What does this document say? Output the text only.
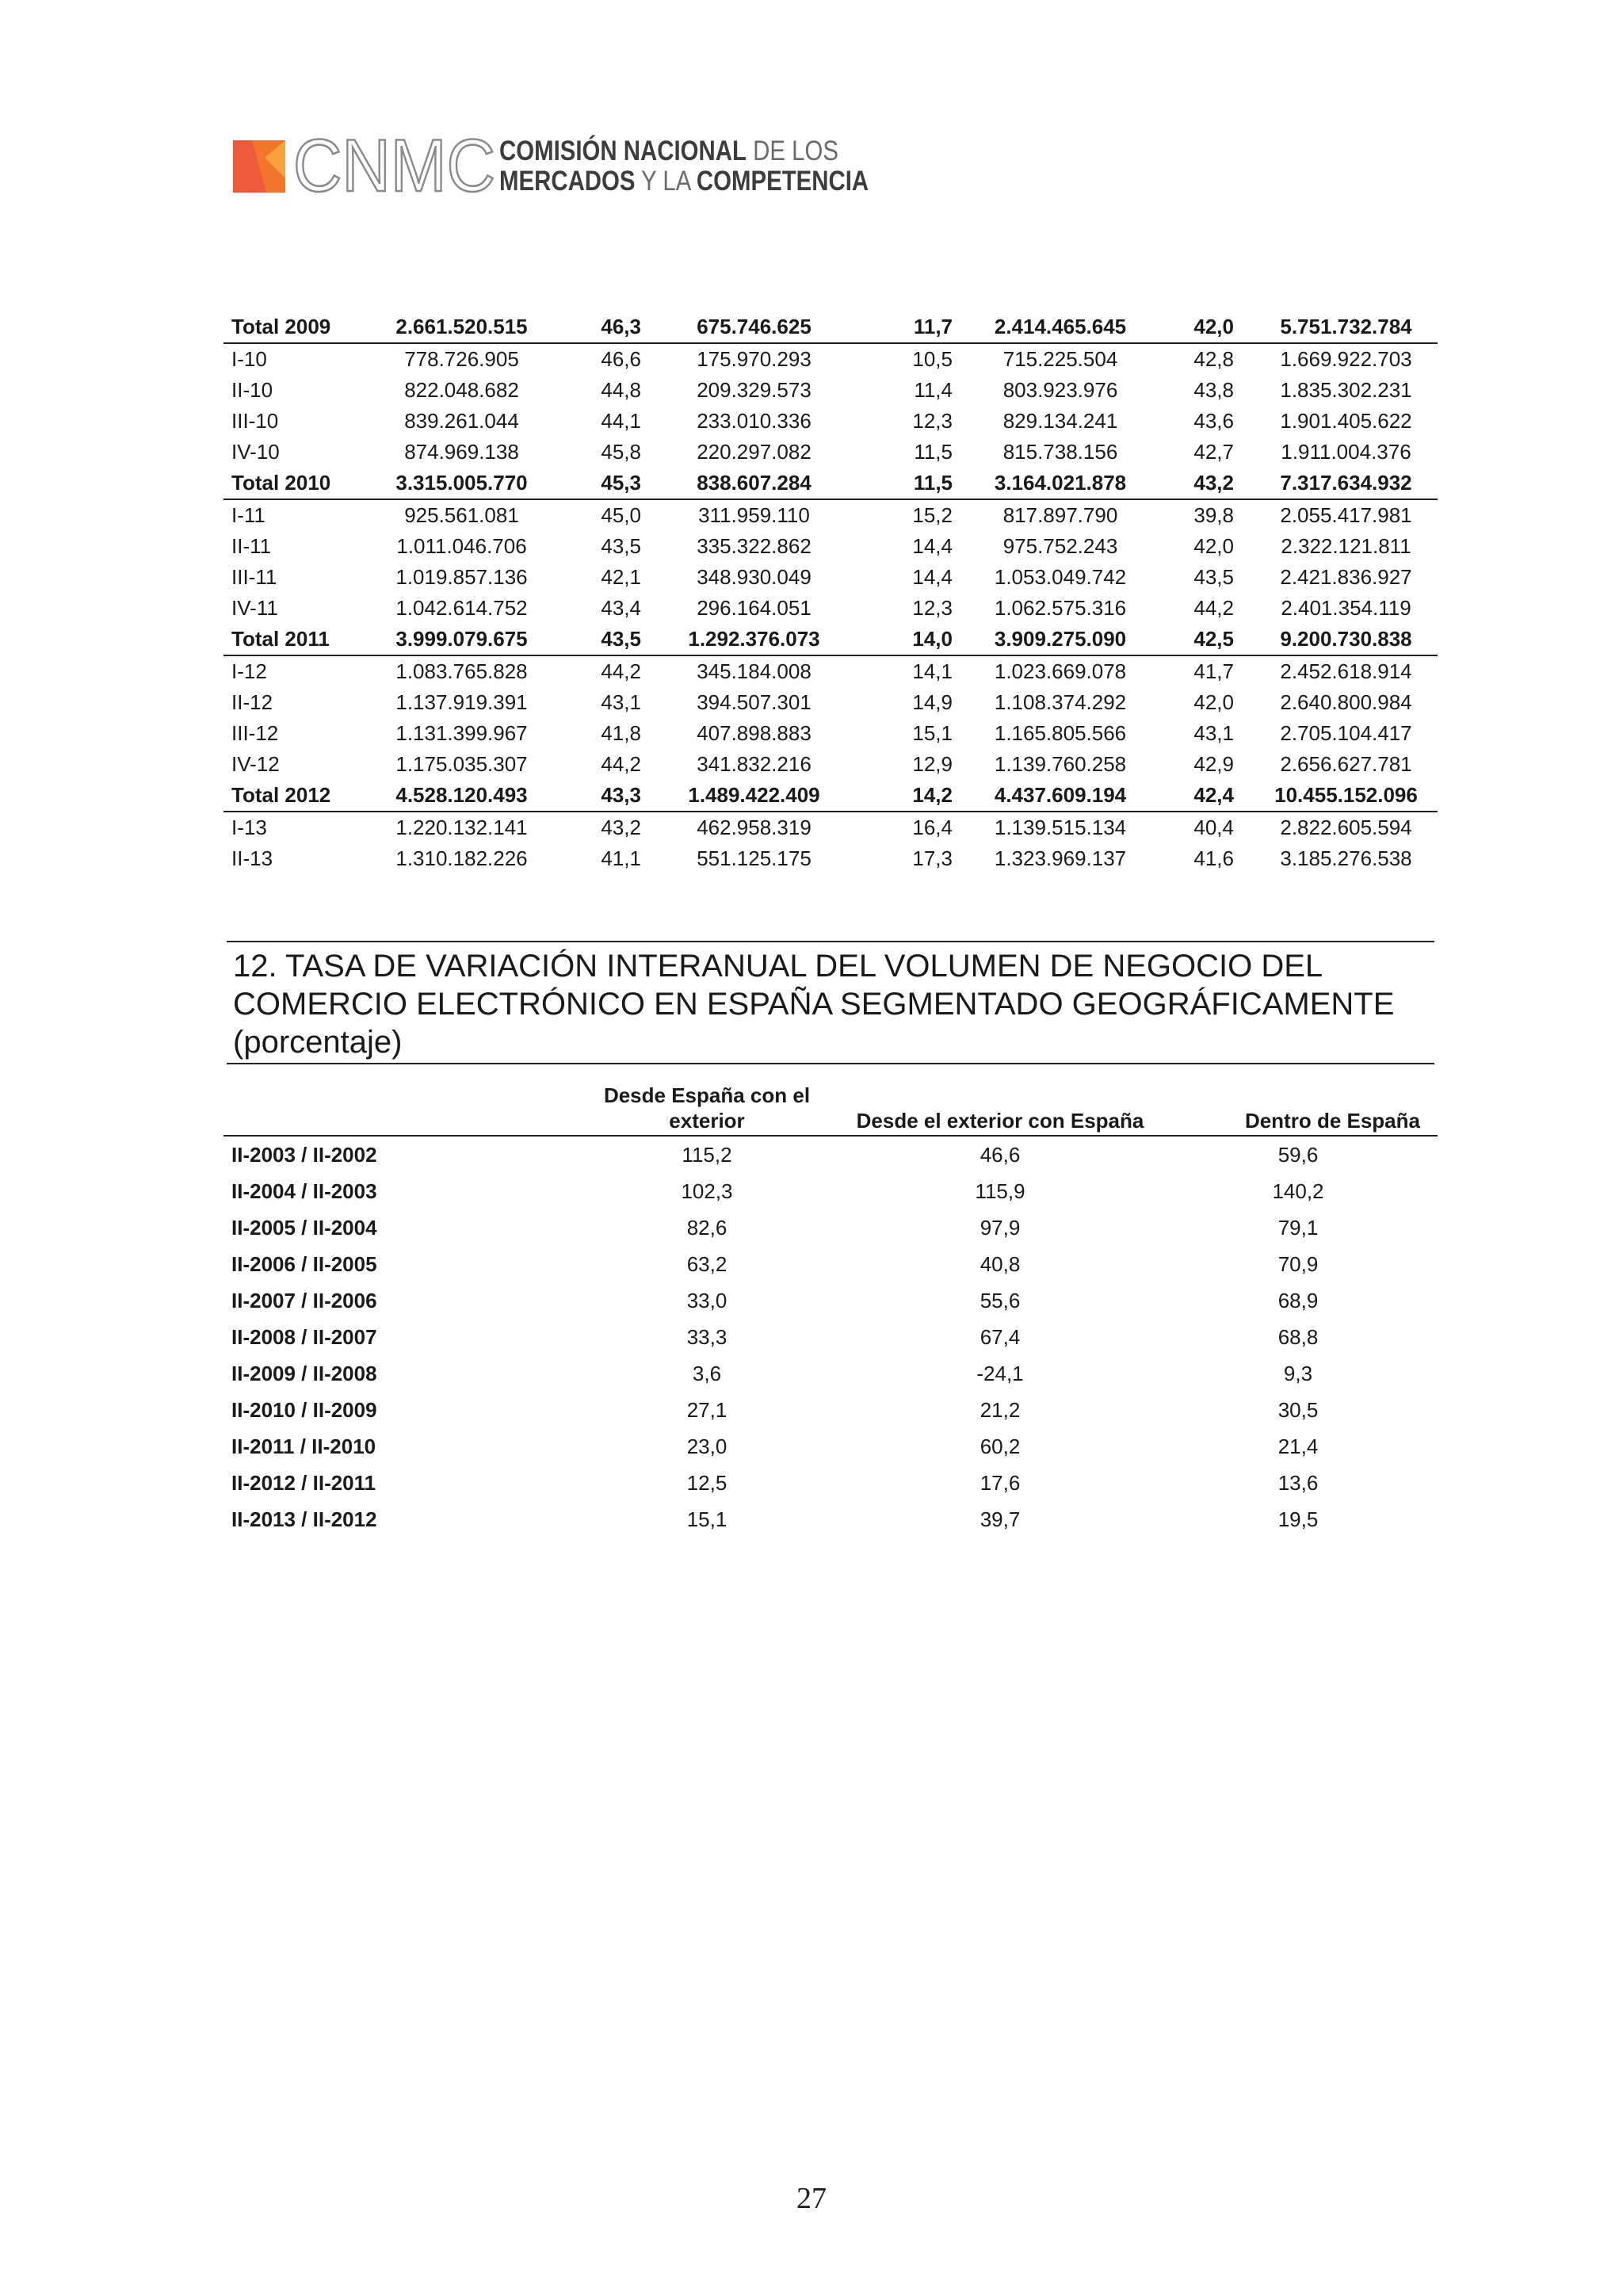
CNMC COMISIÓN NACIONAL DE LOS
MERCADOS Y LA COMPETENCIA
Total 2009	2.661.520.515	46,3	675.746.625	11,7	2.414.465.645	42,0	5.751.732.784
I-10	778.726.905	46,6	175.970.293	10,5	715.225.504	42,8	1.669.922.703
II-10	822.048.682	44,8	209.329.573	11,4	803.923.976	43,8	1.835.302.231
III-10	839.261.044	44,1	233.010.336	12,3	829.134.241	43,6	1.901.405.622
IV-10	874.969.138	45,8	220.297.082	11,5	815.738.156	42,7	1.911.004.376
Total 2010	3.315.005.770	45,3	838.607.284	11,5	3.164.021.878	43,2	7.317.634.932
I-11	925.561.081	45,0	311.959.110	15,2	817.897.790	39,8	2.055.417.981
II-11	1.011.046.706	43,5	335.322.862	14,4	975.752.243	42,0	2.322.121.811
III-11	1.019.857.136	42,1	348.930.049	14,4	1.053.049.742	43,5	2.421.836.927
IV-11	1.042.614.752	43,4	296.164.051	12,3	1.062.575.316	44,2	2.401.354.119
Total 2011	3.999.079.675	43,5	1.292.376.073	14,0	3.909.275.090	42,5	9.200.730.838
I-12	1.083.765.828	44,2	345.184.008	14,1	1.023.669.078	41,7	2.452.618.914
II-12	1.137.919.391	43,1	394.507.301	14,9	1.108.374.292	42,0	2.640.800.984
III-12	1.131.399.967	41,8	407.898.883	15,1	1.165.805.566	43,1	2.705.104.417
IV-12	1.175.035.307	44,2	341.832.216	12,9	1.139.760.258	42,9	2.656.627.781
Total 2012	4.528.120.493	43,3	1.489.422.409	14,2	4.437.609.194	42,4	10.455.152.096
I-13	1.220.132.141	43,2	462.958.319	16,4	1.139.515.134	40,4	2.822.605.594
II-13	1.310.182.226	41,1	551.125.175	17,3	1.323.969.137	41,6	3.185.276.538
12. TASA DE VARIACIÓN INTERANUAL DEL VOLUMEN DE NEGOCIO DEL COMERCIO ELECTRÓNICO EN ESPAÑA SEGMENTADO GEOGRÁFICAMENTE (porcentaje)
	Desde España con el exterior	Desde el exterior con España	Dentro de España
II-2003 / II-2002	115,2	46,6	59,6
II-2004 / II-2003	102,3	115,9	140,2
II-2005 / II-2004	82,6	97,9	79,1
II-2006 / II-2005	63,2	40,8	70,9
II-2007 / II-2006	33,0	55,6	68,9
II-2008 / II-2007	33,3	67,4	68,8
II-2009 / II-2008	3,6	-24,1	9,3
II-2010 / II-2009	27,1	21,2	30,5
II-2011 / II-2010	23,0	60,2	21,4
II-2012 / II-2011	12,5	17,6	13,6
II-2013 / II-2012	15,1	39,7	19,5
27
